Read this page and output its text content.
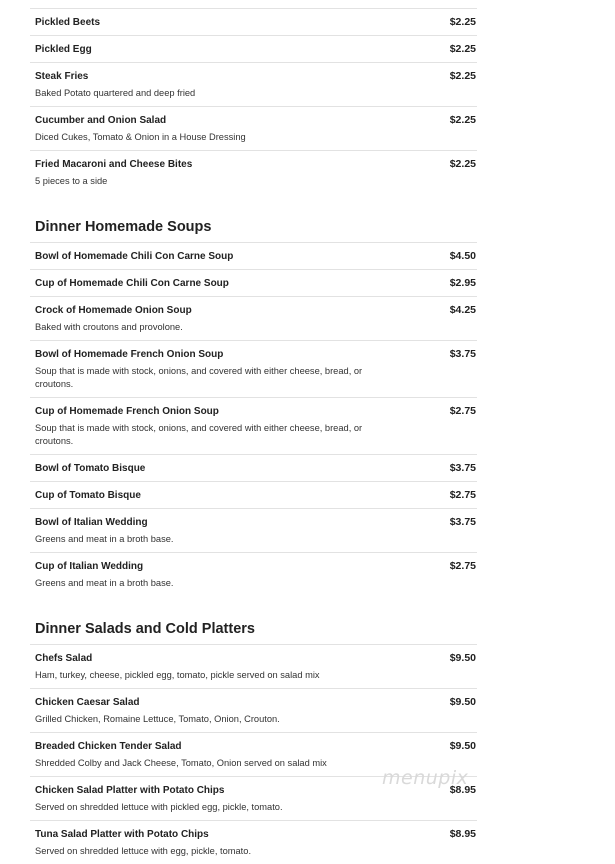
Pickled Beets	$2.25
Pickled Egg	$2.25
Steak Fries	$2.25
Baked Potato quartered and deep fried
Cucumber and Onion Salad	$2.25
Diced Cukes, Tomato & Onion in a House Dressing
Fried Macaroni and Cheese Bites	$2.25
5 pieces to a side
Dinner Homemade Soups
Bowl of Homemade Chili Con Carne Soup	$4.50
Cup of Homemade Chili Con Carne Soup	$2.95
Crock of Homemade Onion Soup	$4.25
Baked with croutons and provolone.
Bowl of Homemade French Onion Soup	$3.75
Soup that is made with stock, onions, and covered with either cheese, bread, or croutons.
Cup of Homemade French Onion Soup	$2.75
Soup that is made with stock, onions, and covered with either cheese, bread, or croutons.
Bowl of Tomato Bisque	$3.75
Cup of Tomato Bisque	$2.75
Bowl of Italian Wedding	$3.75
Greens and meat in a broth base.
Cup of Italian Wedding	$2.75
Greens and meat in a broth base.
Dinner Salads and Cold Platters
Chefs Salad	$9.50
Ham, turkey, cheese, pickled egg, tomato, pickle served on salad mix
Chicken Caesar Salad	$9.50
Grilled Chicken, Romaine Lettuce, Tomato, Onion, Crouton.
Breaded Chicken Tender Salad	$9.50
Shredded Colby and Jack Cheese, Tomato, Onion served on salad mix
Chicken Salad Platter with Potato Chips	$8.95
Served on shredded lettuce with pickled egg, pickle, tomato.
Tuna Salad Platter with Potato Chips	$8.95
Served on shredded lettuce with egg, pickle, tomato.
menupix
